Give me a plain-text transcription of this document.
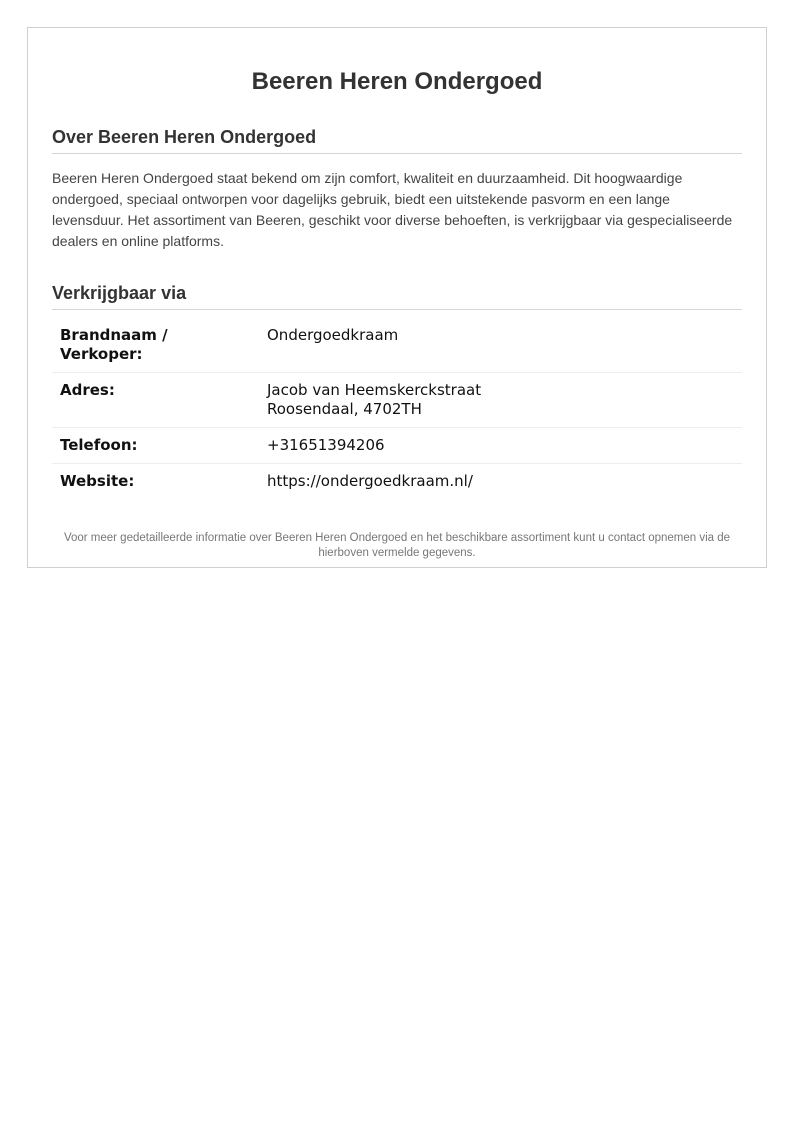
Beeren Heren Ondergoed
Over Beeren Heren Ondergoed

Beeren Heren Ondergoed staat bekend om zijn comfort, kwaliteit en duurzaamheid. Dit hoogwaardige ondergoed, speciaal ontworpen voor dagelijks gebruik, biedt een uitstekende pasvorm en een lange levensduur. Het assortiment van Beeren, geschikt voor diverse behoeften, is verkrijgbaar via gespecialiseerde dealers en online platforms.

Verkrijgbaar via
Brandnaam / Verkoper:	Ondergoedkraam
Adres:	Jacob van Heemskerckstraat
Roosendaal, 4702TH

Telefoon:	+31651394206
Website:	https://ondergoedkraam.nl/

Voor meer gedetailleerde informatie over Beeren Heren Ondergoed en het beschikbare assortiment kunt u contact opnemen via de hierboven vermelde gegevens.
